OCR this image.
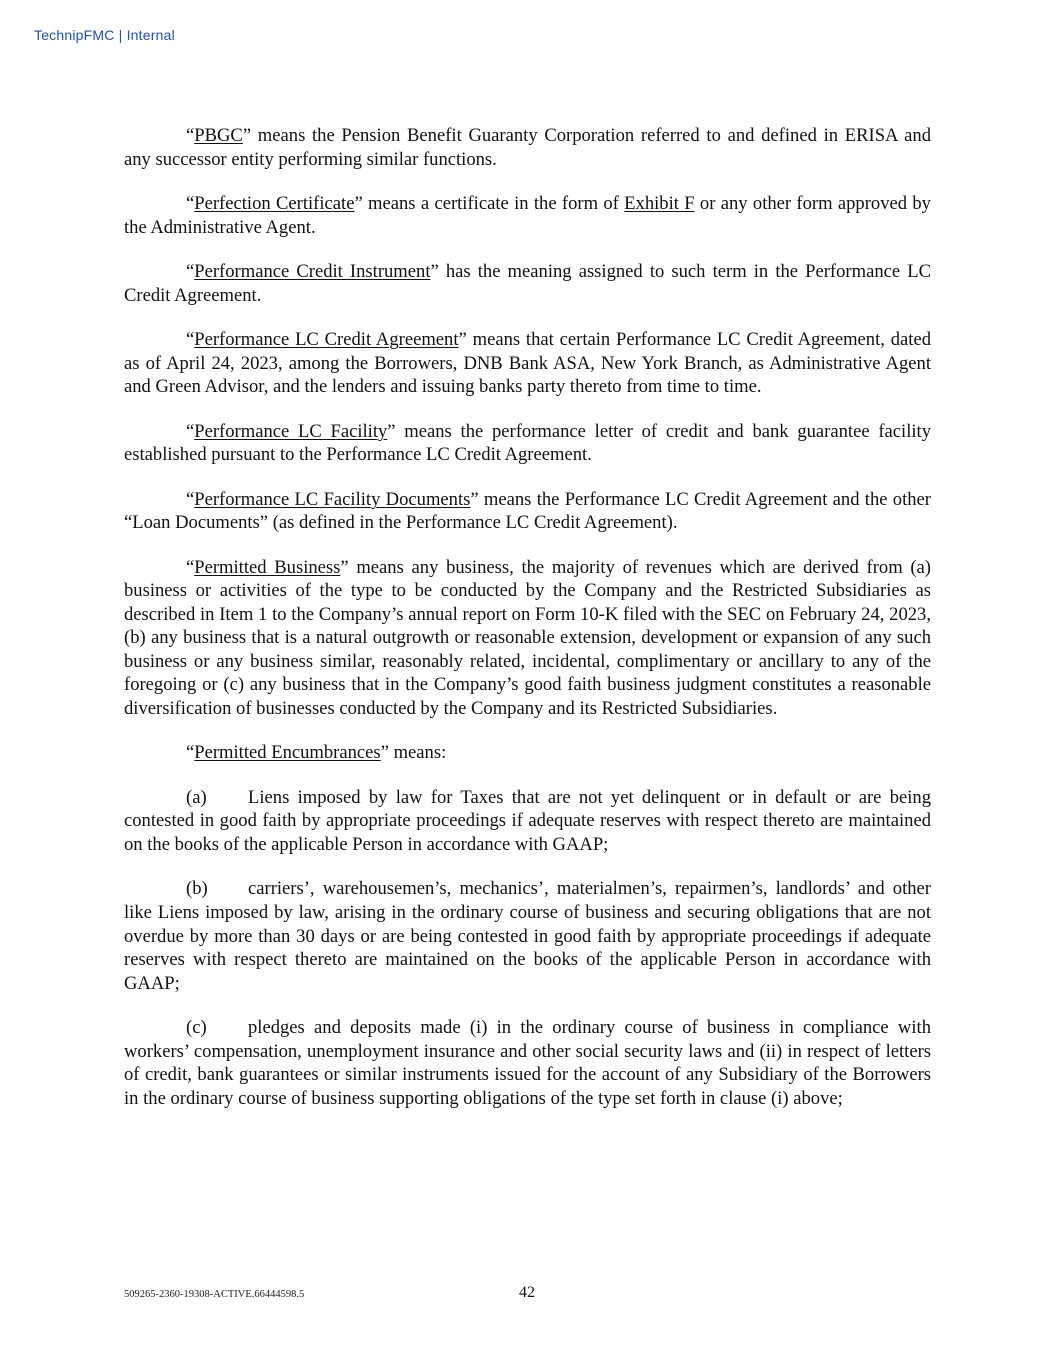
TechnipFMC | Internal

“PBGC” means the Pension Benefit Guaranty Corporation referred to and defined in ERISA and any successor entity performing similar functions.

“Perfection Certificate” means a certificate in the form of Exhibit F or any other form approved by the Administrative Agent.

“Performance Credit Instrument” has the meaning assigned to such term in the Performance LC Credit Agreement.

“Performance LC Credit Agreement” means that certain Performance LC Credit Agreement, dated as of April 24, 2023, among the Borrowers, DNB Bank ASA, New York Branch, as Administrative Agent and Green Advisor, and the lenders and issuing banks party thereto from time to time.

“Performance LC Facility” means the performance letter of credit and bank guarantee facility established pursuant to the Performance LC Credit Agreement.

“Performance LC Facility Documents” means the Performance LC Credit Agreement and the other “Loan Documents” (as defined in the Performance LC Credit Agreement).

“Permitted Business” means any business, the majority of revenues which are derived from (a) business or activities of the type to be conducted by the Company and the Restricted Subsidiaries as described in Item 1 to the Company’s annual report on Form 10-K filed with the SEC on February 24, 2023, (b) any business that is a natural outgrowth or reasonable extension, development or expansion of any such business or any business similar, reasonably related, incidental, complimentary or ancillary to any of the foregoing or (c) any business that in the Company’s good faith business judgment constitutes a reasonable diversification of businesses conducted by the Company and its Restricted Subsidiaries.

“Permitted Encumbrances” means:

(a) Liens imposed by law for Taxes that are not yet delinquent or in default or are being contested in good faith by appropriate proceedings if adequate reserves with respect thereto are maintained on the books of the applicable Person in accordance with GAAP;

(b) carriers’, warehousemen’s, mechanics’, materialmen’s, repairmen’s, landlords’ and other like Liens imposed by law, arising in the ordinary course of business and securing obligations that are not overdue by more than 30 days or are being contested in good faith by appropriate proceedings if adequate reserves with respect thereto are maintained on the books of the applicable Person in accordance with GAAP;

(c) pledges and deposits made (i) in the ordinary course of business in compliance with workers’ compensation, unemployment insurance and other social security laws and (ii) in respect of letters of credit, bank guarantees or similar instruments issued for the account of any Subsidiary of the Borrowers in the ordinary course of business supporting obligations of the type set forth in clause (i) above;

509265-2360-19308-ACTIVE.66444598.5	42
